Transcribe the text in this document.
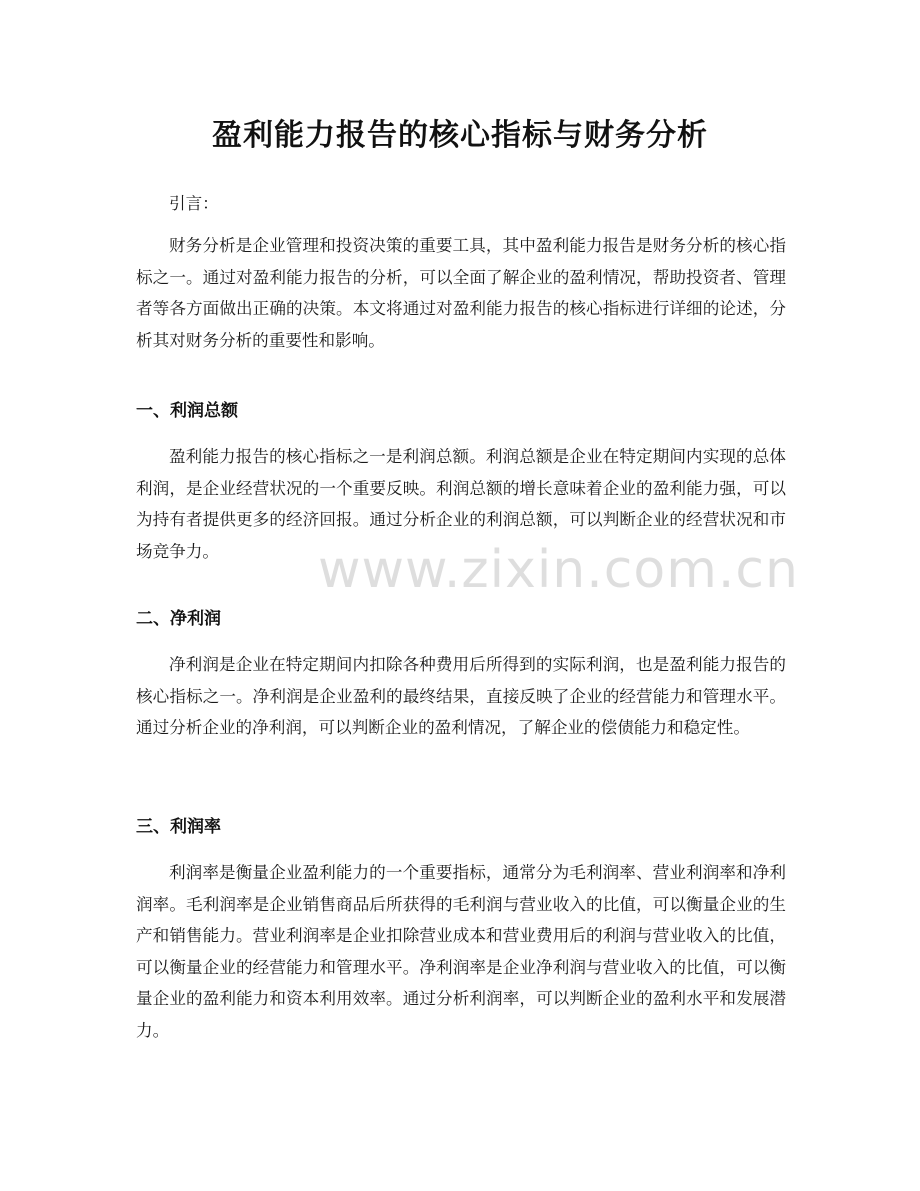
盈利能力报告的核心指标与财务分析

引言：

财务分析是企业管理和投资决策的重要工具，其中盈利能力报告是财务分析的核心指标之一。通过对盈利能力报告的分析，可以全面了解企业的盈利情况，帮助投资者、管理者等各方面做出正确的决策。本文将通过对盈利能力报告的核心指标进行详细的论述，分析其对财务分析的重要性和影响。

一、利润总额

盈利能力报告的核心指标之一是利润总额。利润总额是企业在特定期间内实现的总体利润，是企业经营状况的一个重要反映。利润总额的增长意味着企业的盈利能力强，可以为持有者提供更多的经济回报。通过分析企业的利润总额，可以判断企业的经营状况和市场竞争力。

二、净利润

净利润是企业在特定期间内扣除各种费用后所得到的实际利润，也是盈利能力报告的核心指标之一。净利润是企业盈利的最终结果，直接反映了企业的经营能力和管理水平。通过分析企业的净利润，可以判断企业的盈利情况，了解企业的偿债能力和稳定性。

三、利润率

利润率是衡量企业盈利能力的一个重要指标，通常分为毛利润率、营业利润率和净利润率。毛利润率是企业销售商品后所获得的毛利润与营业收入的比值，可以衡量企业的生产和销售能力。营业利润率是企业扣除营业成本和营业费用后的利润与营业收入的比值，可以衡量企业的经营能力和管理水平。净利润率是企业净利润与营业收入的比值，可以衡量企业的盈利能力和资本利用效率。通过分析利润率，可以判断企业的盈利水平和发展潜力。

www.zixin.com.cn
